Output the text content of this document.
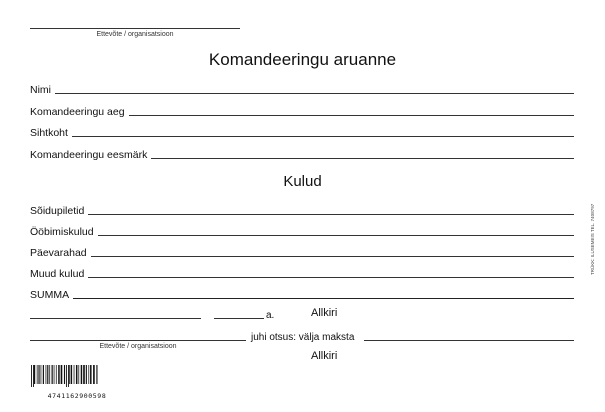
Ettevõte / organisatsioon
Komandeeringu aruanne
Nimi
Komandeeringu aeg
Sihtkoht
Komandeeringu eesmärk
Kulud
Sõidupiletid
Ööbimiskulud
Päevarahad
Muud kulud
SUMMA
a.	Allkiri
juhi otsus: välja maksta
Ettevõte / organisatsioon
Allkiri
TRÜKK: ILUSEMEIS TEL. 7408797
4741162900598
